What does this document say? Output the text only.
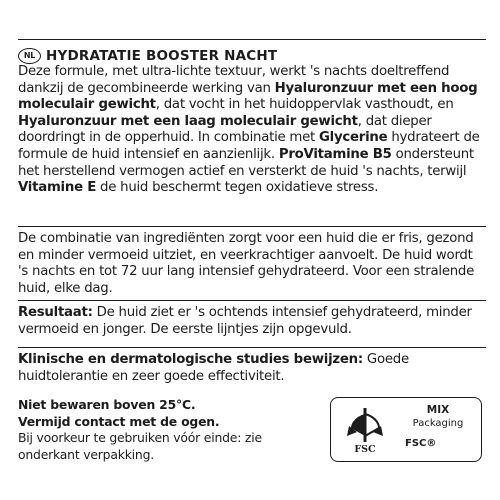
NL HYDRATATIE BOOSTER NACHT
Deze formule, met ultra-lichte textuur, werkt 's nachts doeltreffend dankzij de gecombineerde werking van Hyaluronzuur met een hoog moleculair gewicht, dat vocht in het huidoppervlak vasthoudt, en Hyaluronzuur met een laag moleculair gewicht, dat dieper doordringt in de opperhuid. In combinatie met Glycerine hydrateert de formule de huid intensief en aanzienlijk. ProVitamine B5 ondersteunt het herstellend vermogen actief en versterkt de huid 's nachts, terwijl Vitamine E de huid beschermt tegen oxidatieve stress.
De combinatie van ingrediënten zorgt voor een huid die er fris, gezond en minder vermoeid uitziet, en veerkrachtiger aanvoelt. De huid wordt 's nachts en tot 72 uur lang intensief gehydrateerd. Voor een stralende huid, elke dag.
Resultaat: De huid ziet er 's ochtends intensief gehydrateerd, minder vermoeid en jonger. De eerste lijntjes zijn opgevuld.
Klinische en dermatologische studies bewijzen: Goede huidtolerantie en zeer goede effectiviteit.
Niet bewaren boven 25°C.
Vermijd contact met de ogen.
Bij voorkeur te gebruiken vóór einde: zie onderkant verpakking.	FSC
MIX
Packaging
FSC®
